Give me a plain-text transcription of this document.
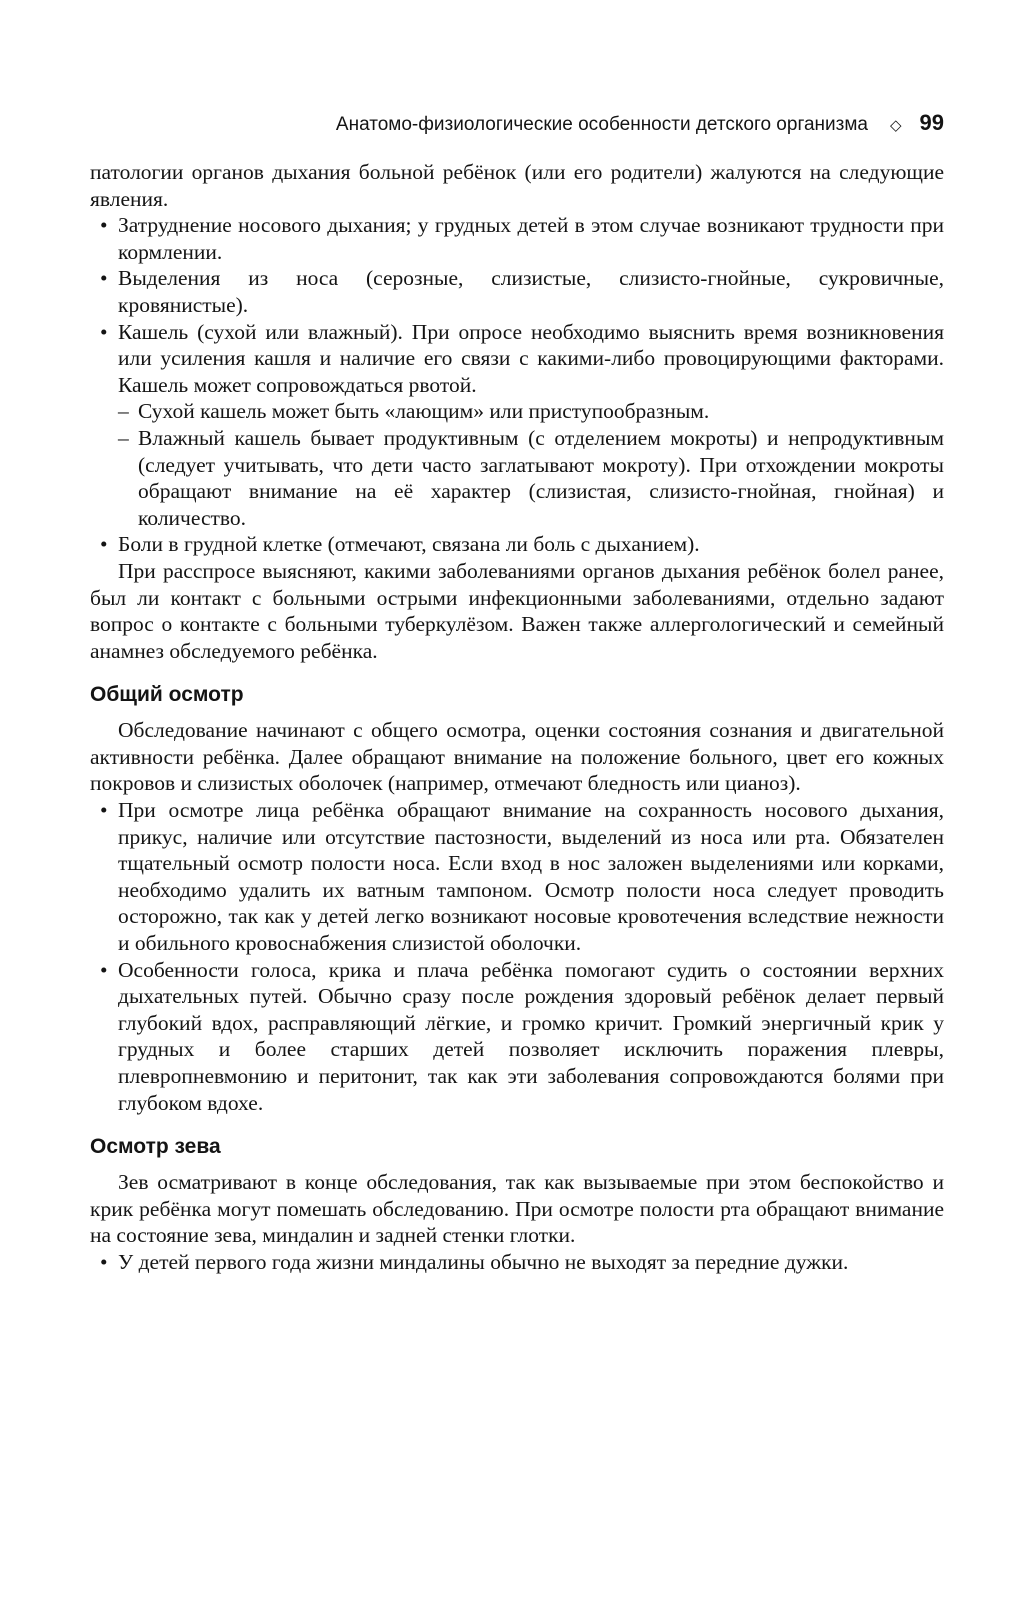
Анатомо-физиологические особенности детского организма ◇ 99

патологии органов дыхания больной ребёнок (или его родители) жалуются на следующие явления.

• Затруднение носового дыхания; у грудных детей в этом случае возникают трудности при кормлении.
• Выделения из носа (серозные, слизистые, слизисто-гнойные, сукровичные, кровянистые).
• Кашель (сухой или влажный). При опросе необходимо выяснить время возникновения или усиления кашля и наличие его связи с какими-либо провоцирующими факторами. Кашель может сопровождаться рвотой.
– Сухой кашель может быть «лающим» или приступообразным.
– Влажный кашель бывает продуктивным (с отделением мокроты) и непродуктивным (следует учитывать, что дети часто заглатывают мокроту). При отхождении мокроты обращают внимание на её характер (слизистая, слизисто-гнойная, гнойная) и количество.
• Боли в грудной клетке (отмечают, связана ли боль с дыханием).

При расспросе выясняют, какими заболеваниями органов дыхания ребёнок болел ранее, был ли контакт с больными острыми инфекционными заболеваниями, отдельно задают вопрос о контакте с больными туберкулёзом. Важен также аллергологический и семейный анамнез обследуемого ребёнка.

Общий осмотр

Обследование начинают с общего осмотра, оценки состояния сознания и двигательной активности ребёнка. Далее обращают внимание на положение больного, цвет его кожных покровов и слизистых оболочек (например, отмечают бледность или цианоз).

• При осмотре лица ребёнка обращают внимание на сохранность носового дыхания, прикус, наличие или отсутствие пастозности, выделений из носа или рта. Обязателен тщательный осмотр полости носа. Если вход в нос заложен выделениями или корками, необходимо удалить их ватным тампоном. Осмотр полости носа следует проводить осторожно, так как у детей легко возникают носовые кровотечения вследствие нежности и обильного кровоснабжения слизистой оболочки.
• Особенности голоса, крика и плача ребёнка помогают судить о состоянии верхних дыхательных путей. Обычно сразу после рождения здоровый ребёнок делает первый глубокий вдох, расправляющий лёгкие, и громко кричит. Громкий энергичный крик у грудных и более старших детей позволяет исключить поражения плевры, плевропневмонию и перитонит, так как эти заболевания сопровождаются болями при глубоком вдохе.
Осмотр зева

Зев осматривают в конце обследования, так как вызываемые при этом беспокойство и крик ребёнка могут помешать обследованию. При осмотре полости рта обращают внимание на состояние зева, миндалин и задней стенки глотки.

• У детей первого года жизни миндалины обычно не выходят за передние дужки.
